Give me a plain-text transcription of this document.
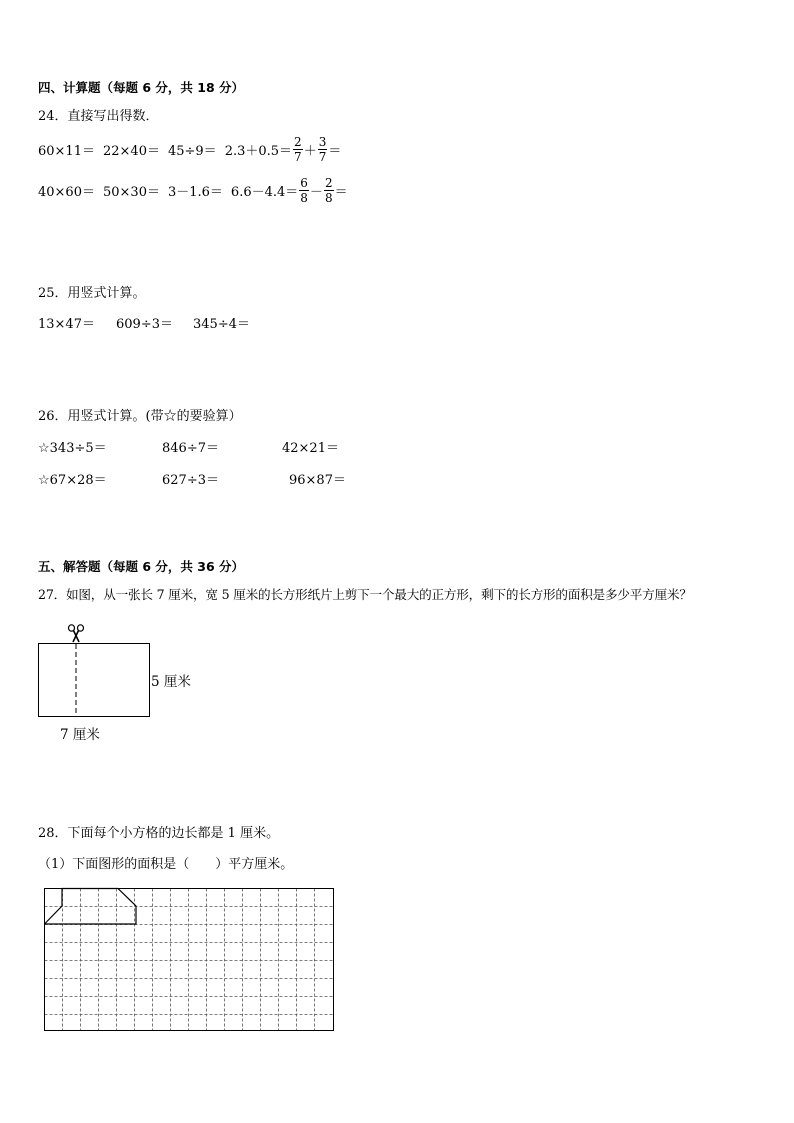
四、计算题（每题 6 分，共 18 分）
24．直接写出得数．
$60\times 11= 22\times 40= 45\div 9= 2.3+0.5= \frac{2}{7} + \frac{3}{7}$ ＝
$40\times 60= 50\times 30= 3-1.6= 6.6-4.4= \frac{6}{8} - \frac{2}{8}$ ＝
25．用竖式计算。
13×47＝ 609÷3＝ 345÷4＝
26．用竖式计算。(带☆的要验算）
☆343÷5＝	846÷7＝	42×21＝
☆67×28＝	627÷3＝	96×87＝
五、解答题（每题 6 分，共 36 分）
27．如图，从一张长 7 厘米，宽 5 厘米的长方形纸片上剪下一个最大的正方形，剩下的长方形的面积是多少平方厘米？
5 厘米
7 厘米
28．下面每个小方格的边长都是 1 厘米。
（1）下面图形的面积是（　　）平方厘米。
